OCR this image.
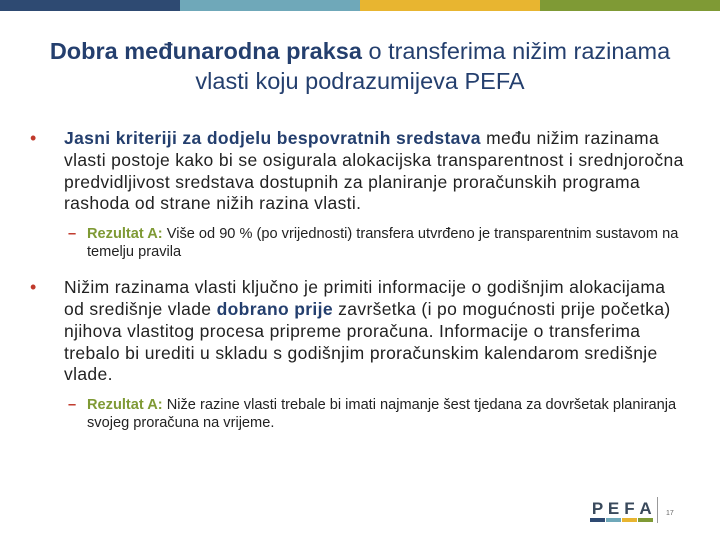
Dobra međunarodna praksa o transferima nižim razinama vlasti koju podrazumijeva PEFA
• Jasni kriteriji za dodjelu bespovratnih sredstava među nižim razinama vlasti postoje kako bi se osigurala alokacijska transparentnost i srednjoročna predvidljivost sredstava dostupnih za planiranje proračunskih programa rashoda od strane nižih razina vlasti.
– Rezultat A: Više od 90 % (po vrijednosti) transfera utvrđeno je transparentnim sustavom na temelju pravila
• Nižim razinama vlasti ključno je primiti informacije o godišnjim alokacijama od središnje vlade dobrano prije završetka (i po mogućnosti prije početka) njihova vlastitog procesa pripreme proračuna. Informacije o transferima trebalo bi urediti u skladu s godišnjim proračunskim kalendarom središnje vlade.
– Rezultat A: Niže razine vlasti trebale bi imati najmanje šest tjedana za dovršetak planiranja svojeg proračuna na vrijeme.
P E F A 17
